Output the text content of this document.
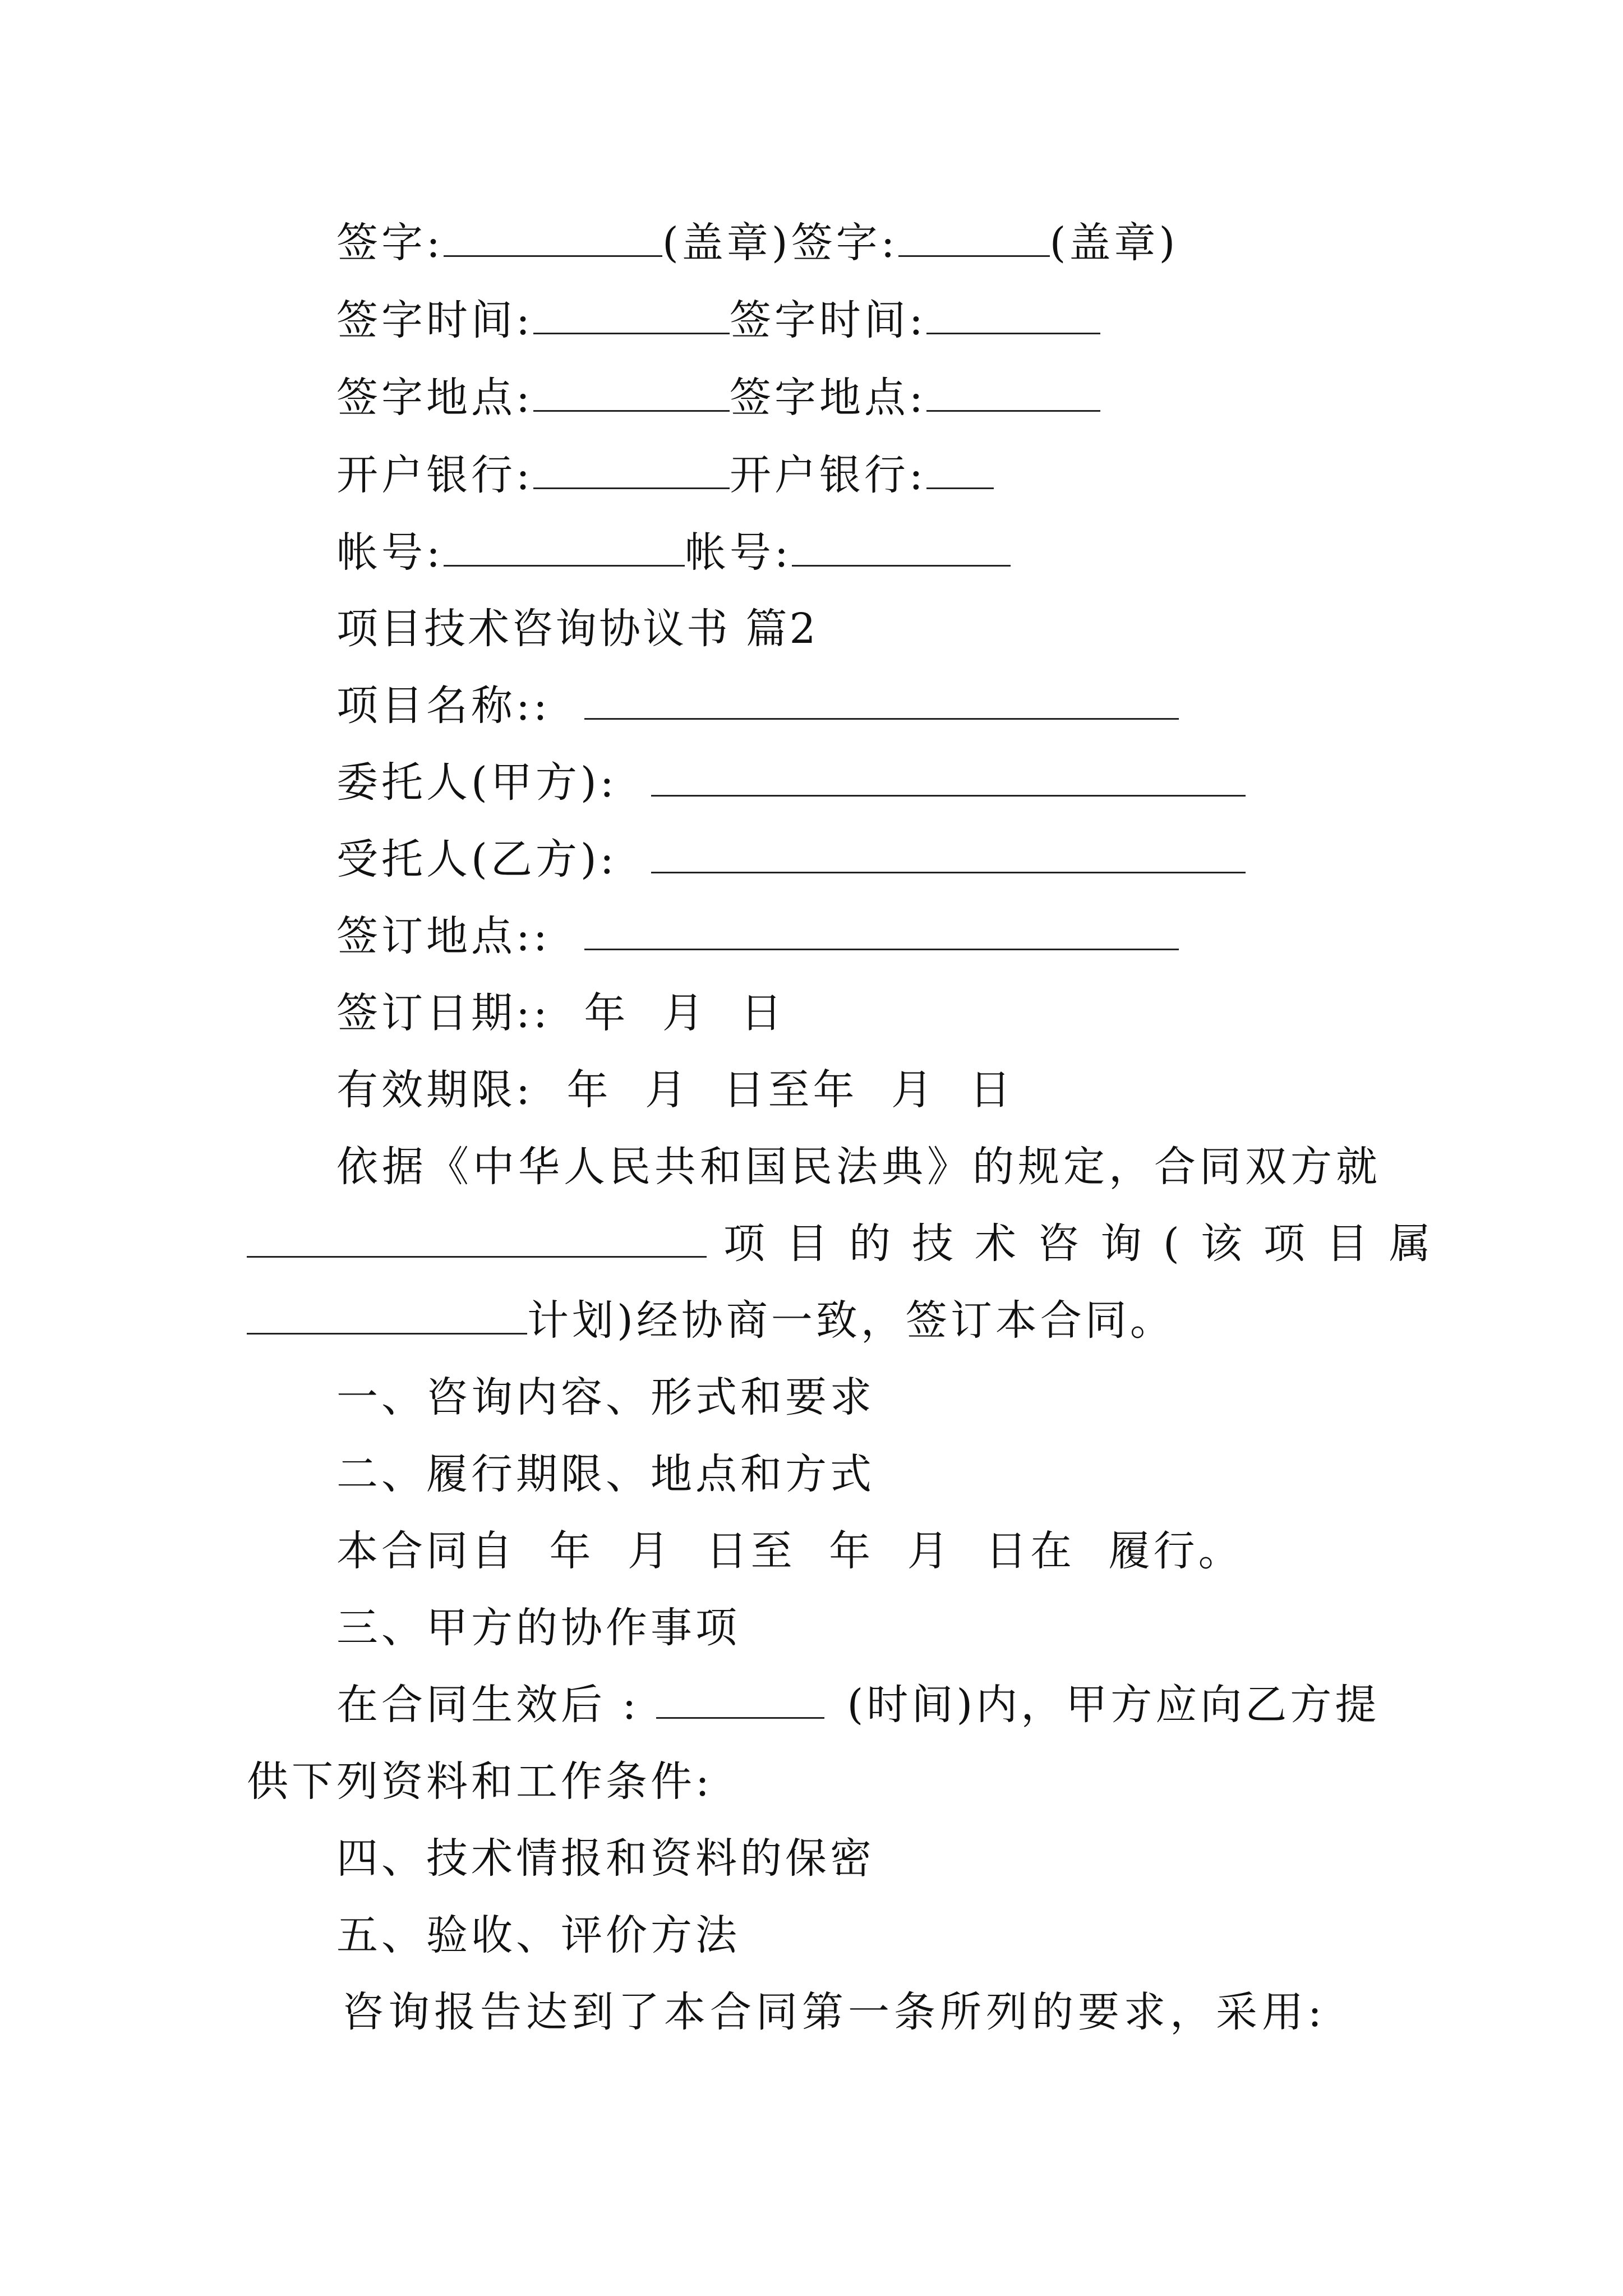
签字:	(盖章)签字:	(盖章)
签字时间:	签字时间:
签字地点:	签字地点:
开户银行:	开户银行:
帐号:	帐号:
项目技术咨询协议书 篇2
项目名称::
委托人(甲方):
受托人(乙方):
签订地点::
签订日期:: 年 月 日
有效期限: 年 月 日至年 月 日
依据《中华人民共和国民法典》的规定，合同双方就
项目的技术咨询(该项目属
计划)经协商一致，签订本合同。
一、咨询内容、形式和要求
二、履行期限、地点和方式
本合同自 年 月 日至 年 月 日在 履行。
三、甲方的协作事项
在合同生效后 :	(时间)内，甲方应向乙方提
供下列资料和工作条件:
四、技术情报和资料的保密
五、验收、评价方法
咨询报告达到了本合同第一条所列的要求，采用:
